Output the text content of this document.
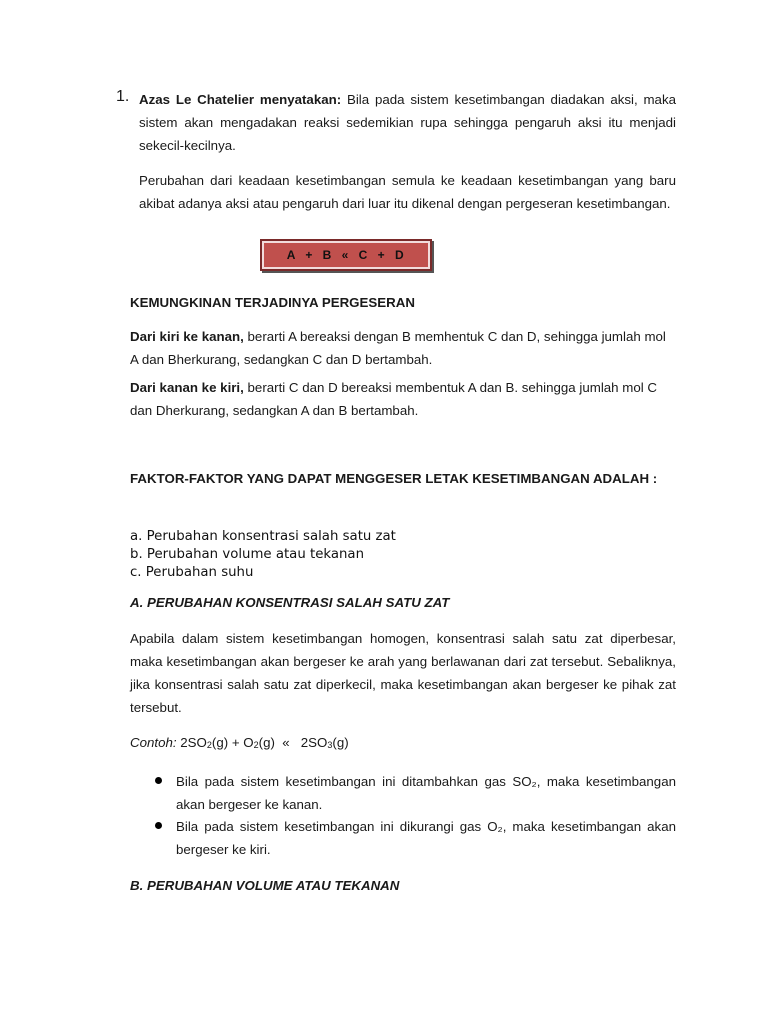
1. Azas Le Chatelier menyatakan: Bila pada sistem kesetimbangan diadakan aksi, maka sistem akan mengadakan reaksi sedemikian rupa sehingga pengaruh aksi itu menjadi sekecil-kecilnya.
Perubahan dari keadaan kesetimbangan semula ke keadaan kesetimbangan yang baru akibat adanya aksi atau pengaruh dari luar itu dikenal dengan pergeseran kesetimbangan.
A + B « C + D
KEMUNGKINAN TERJADINYA PERGESERAN
Dari kiri ke kanan, berarti A bereaksi dengan B memhentuk C dan D, sehingga jumlah mol A dan Bherkurang, sedangkan C dan D bertambah.
Dari kanan ke kiri, berarti C dan D bereaksi membentuk A dan B. sehingga jumlah mol C dan Dherkurang, sedangkan A dan B bertambah.
FAKTOR-FAKTOR YANG DAPAT MENGGESER LETAK KESETIMBANGAN ADALAH :
a. Perubahan konsentrasi salah satu zat
b. Perubahan volume atau tekanan
c. Perubahan suhu
A. PERUBAHAN KONSENTRASI SALAH SATU ZAT
Apabila dalam sistem kesetimbangan homogen, konsentrasi salah satu zat diperbesar, maka kesetimbangan akan bergeser ke arah yang berlawanan dari zat tersebut. Sebaliknya, jika konsentrasi salah satu zat diperkecil, maka kesetimbangan akan bergeser ke pihak zat tersebut.
Contoh: $2SO_2(g) + O_2(g)$  «   $2SO_3(g)$
Bila pada sistem kesetimbangan ini ditambahkan gas SO₂, maka kesetimbangan akan bergeser ke kanan.
Bila pada sistem kesetimbangan ini dikurangi gas O₂, maka kesetimbangan akan bergeser ke kiri.
B. PERUBAHAN VOLUME ATAU TEKANAN
